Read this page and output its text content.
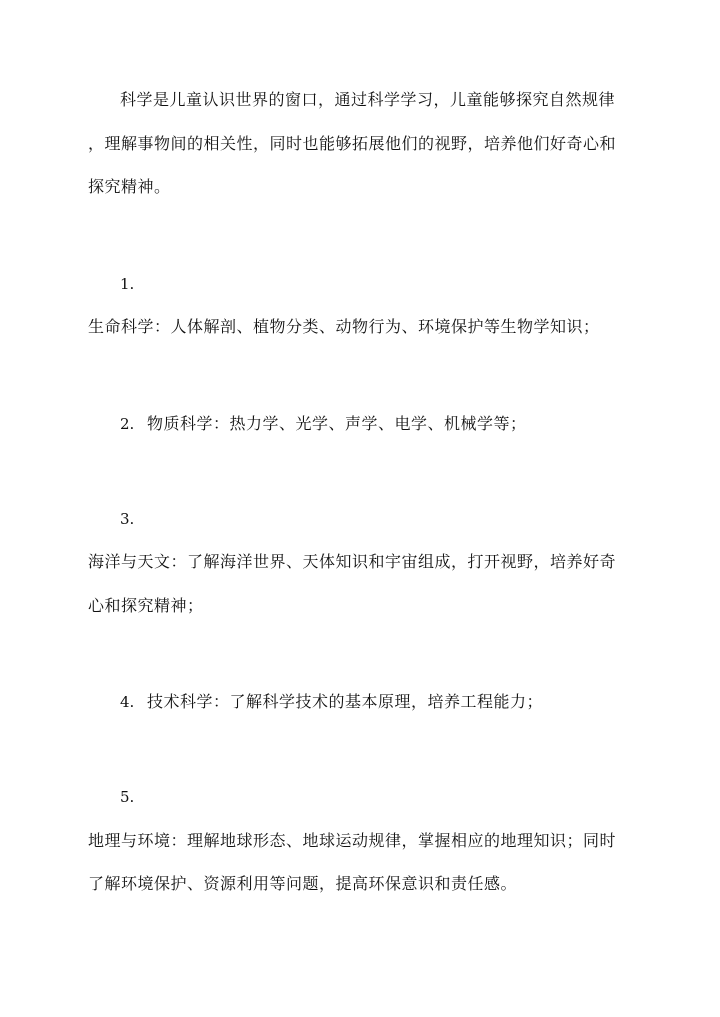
科学是儿童认识世界的窗口，通过科学学习，儿童能够探究自然规律
，理解事物间的相关性，同时也能够拓展他们的视野，培养他们好奇心和
探究精神。
1.
生命科学：人体解剖、植物分类、动物行为、环境保护等生物学知识；
2. 物质科学：热力学、光学、声学、电学、机械学等；
3.
海洋与天文：了解海洋世界、天体知识和宇宙组成，打开视野，培养好奇
心和探究精神；
4. 技术科学：了解科学技术的基本原理，培养工程能力；
5.
地理与环境：理解地球形态、地球运动规律，掌握相应的地理知识；同时
了解环境保护、资源利用等问题，提高环保意识和责任感。
